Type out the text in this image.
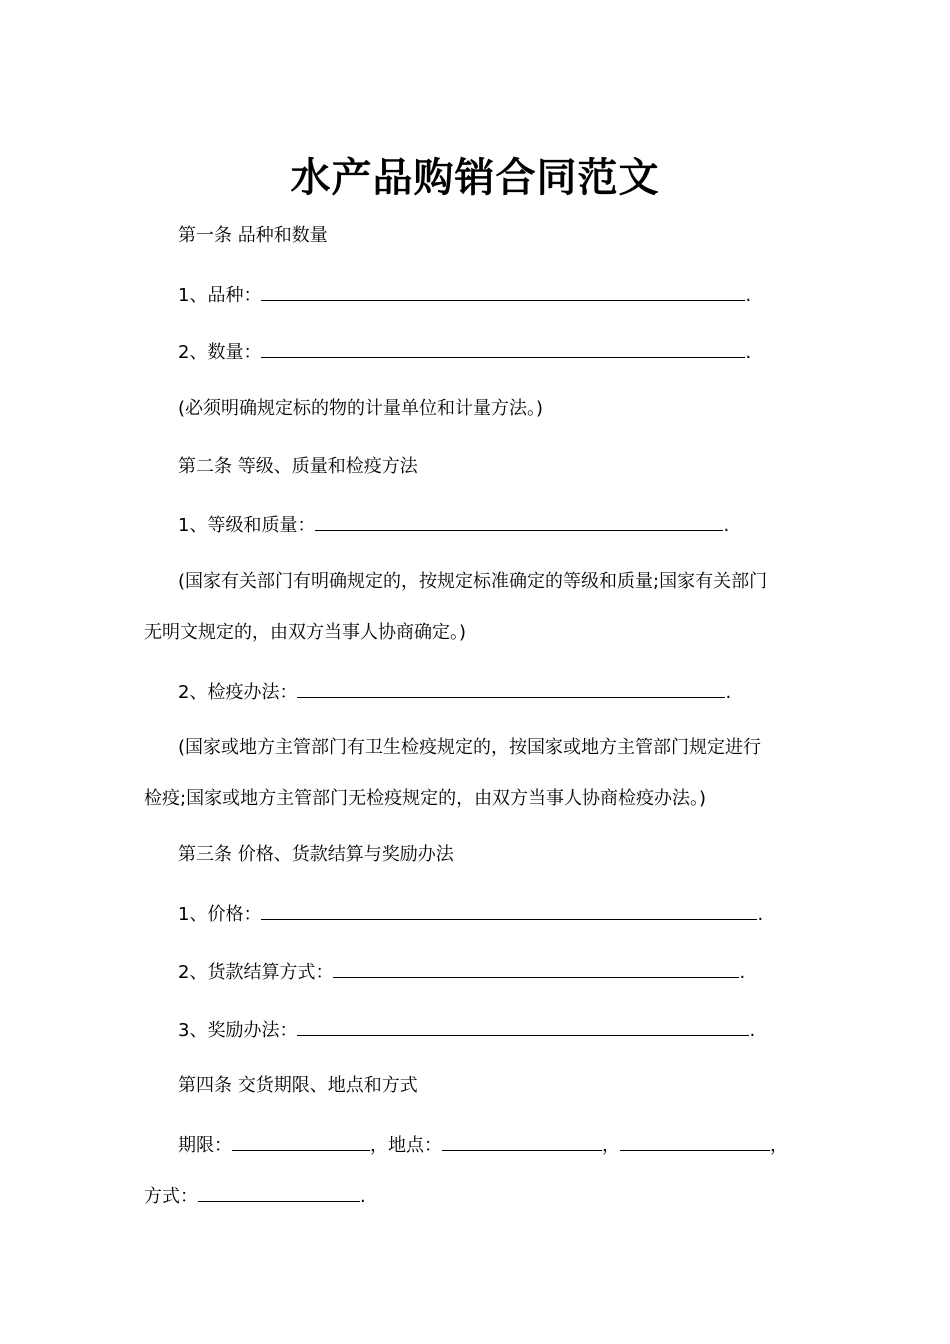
水产品购销合同范文
第一条 品种和数量
1、品种：	.
2、数量：	.
(必须明确规定标的物的计量单位和计量方法。)
第二条 等级、质量和检疫方法
1、等级和质量：	.
(国家有关部门有明确规定的，按规定标准确定的等级和质量;国家有关部门
无明文规定的，由双方当事人协商确定。)
2、检疫办法：	.
(国家或地方主管部门有卫生检疫规定的，按国家或地方主管部门规定进行
检疫;国家或地方主管部门无检疫规定的，由双方当事人协商检疫办法。)
第三条 价格、货款结算与奖励办法
1、价格：	.
2、货款结算方式：	.
3、奖励办法：	.
第四条 交货期限、地点和方式
期限：	，地点：	，	，
方式：	.
